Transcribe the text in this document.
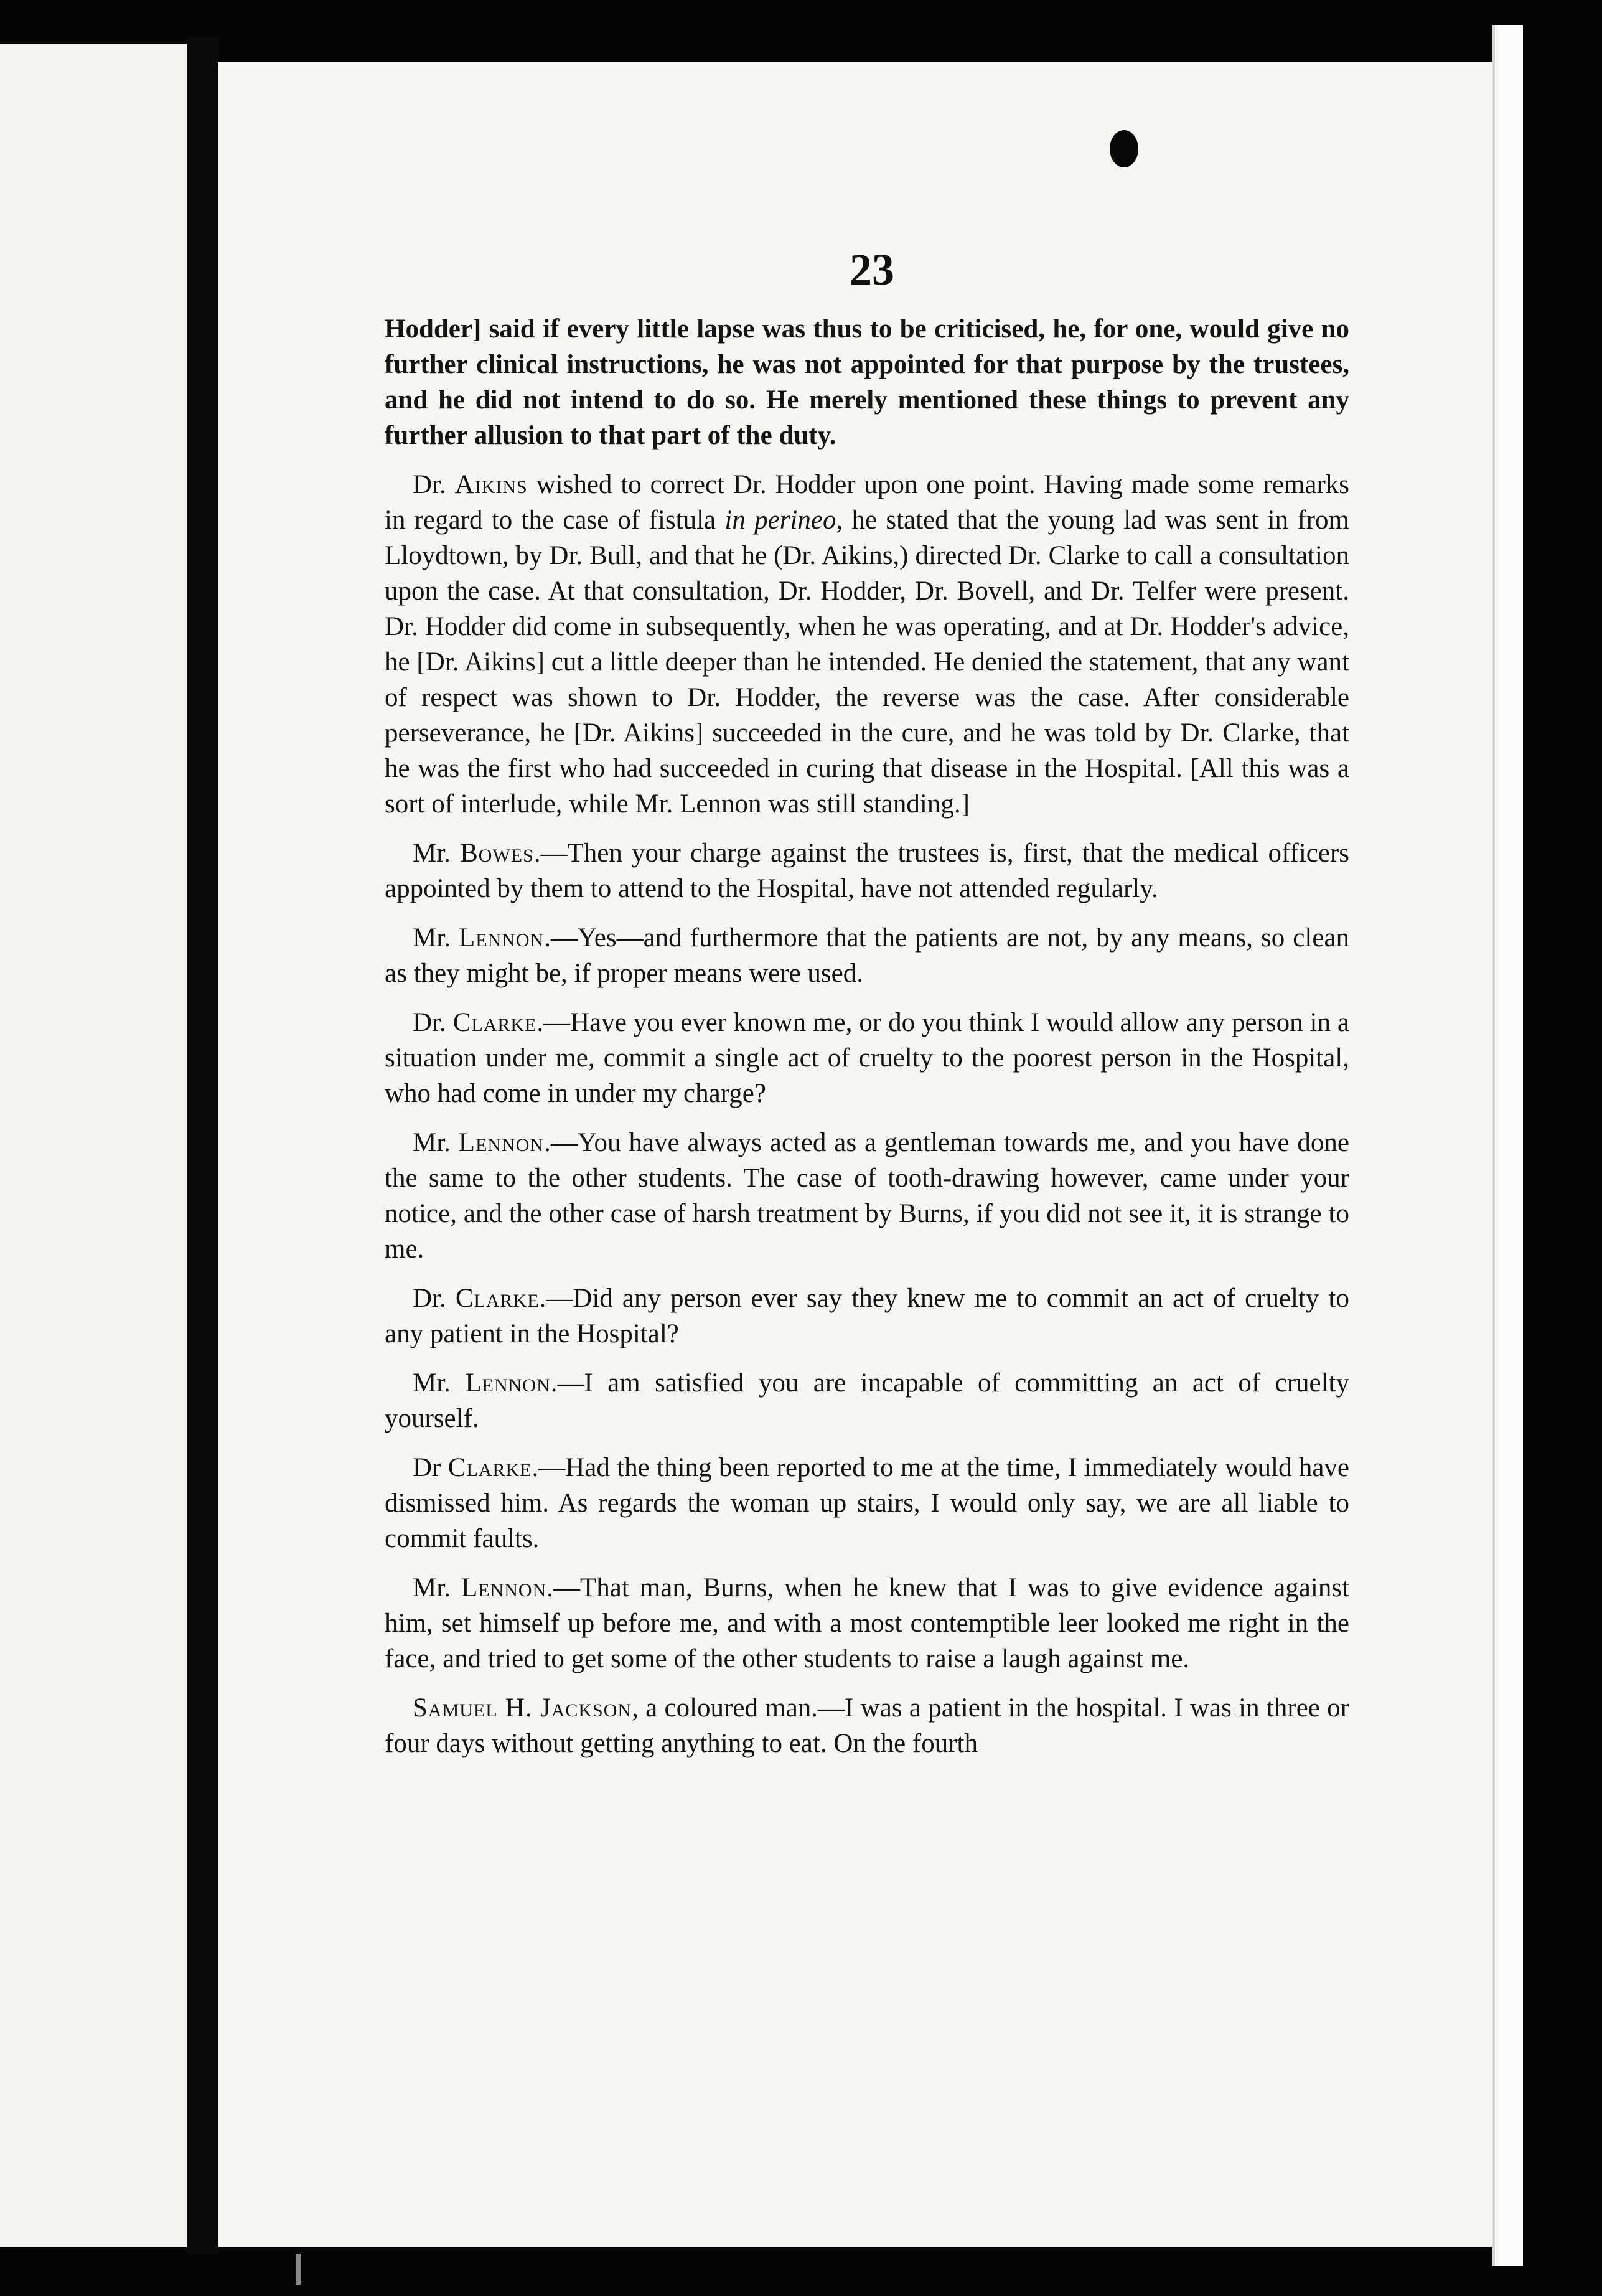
23

Hodder] said if every little lapse was thus to be criticised, he, for one, would give no further clinical instructions, he was not appointed for that purpose by the trustees, and he did not intend to do so. He merely mentioned these things to prevent any further allusion to that part of the duty.

Dr. Aikins wished to correct Dr. Hodder upon one point. Having made some remarks in regard to the case of fistula in perineo, he stated that the young lad was sent in from Lloydtown, by Dr. Bull, and that he (Dr. Aikins,) directed Dr. Clarke to call a consultation upon the case. At that consultation, Dr. Hodder, Dr. Bovell, and Dr. Telfer were present. Dr. Hodder did come in subsequently, when he was operating, and at Dr. Hodder's advice, he [Dr. Aikins] cut a little deeper than he intended. He denied the statement, that any want of respect was shown to Dr. Hodder, the reverse was the case. After considerable perseverance, he [Dr. Aikins] succeeded in the cure, and he was told by Dr. Clarke, that he was the first who had succeeded in curing that disease in the Hospital. [All this was a sort of interlude, while Mr. Lennon was still standing.]

Mr. Bowes.—Then your charge against the trustees is, first, that the medical officers appointed by them to attend to the Hospital, have not attended regularly.

Mr. Lennon.—Yes—and furthermore that the patients are not, by any means, so clean as they might be, if proper means were used.

Dr. Clarke.—Have you ever known me, or do you think I would allow any person in a situation under me, commit a single act of cruelty to the poorest person in the Hospital, who had come in under my charge?

Mr. Lennon.—You have always acted as a gentleman towards me, and you have done the same to the other students. The case of tooth-drawing however, came under your notice, and the other case of harsh treatment by Burns, if you did not see it, it is strange to me.

Dr. Clarke.—Did any person ever say they knew me to commit an act of cruelty to any patient in the Hospital?

Mr. Lennon.—I am satisfied you are incapable of committing an act of cruelty yourself.

Dr Clarke.—Had the thing been reported to me at the time, I immediately would have dismissed him. As regards the woman up stairs, I would only say, we are all liable to commit faults.

Mr. Lennon.—That man, Burns, when he knew that I was to give evidence against him, set himself up before me, and with a most contemptible leer looked me right in the face, and tried to get some of the other students to raise a laugh against me.

Samuel H. Jackson, a coloured man.—I was a patient in the hospital. I was in three or four days without getting anything to eat. On the fourth
